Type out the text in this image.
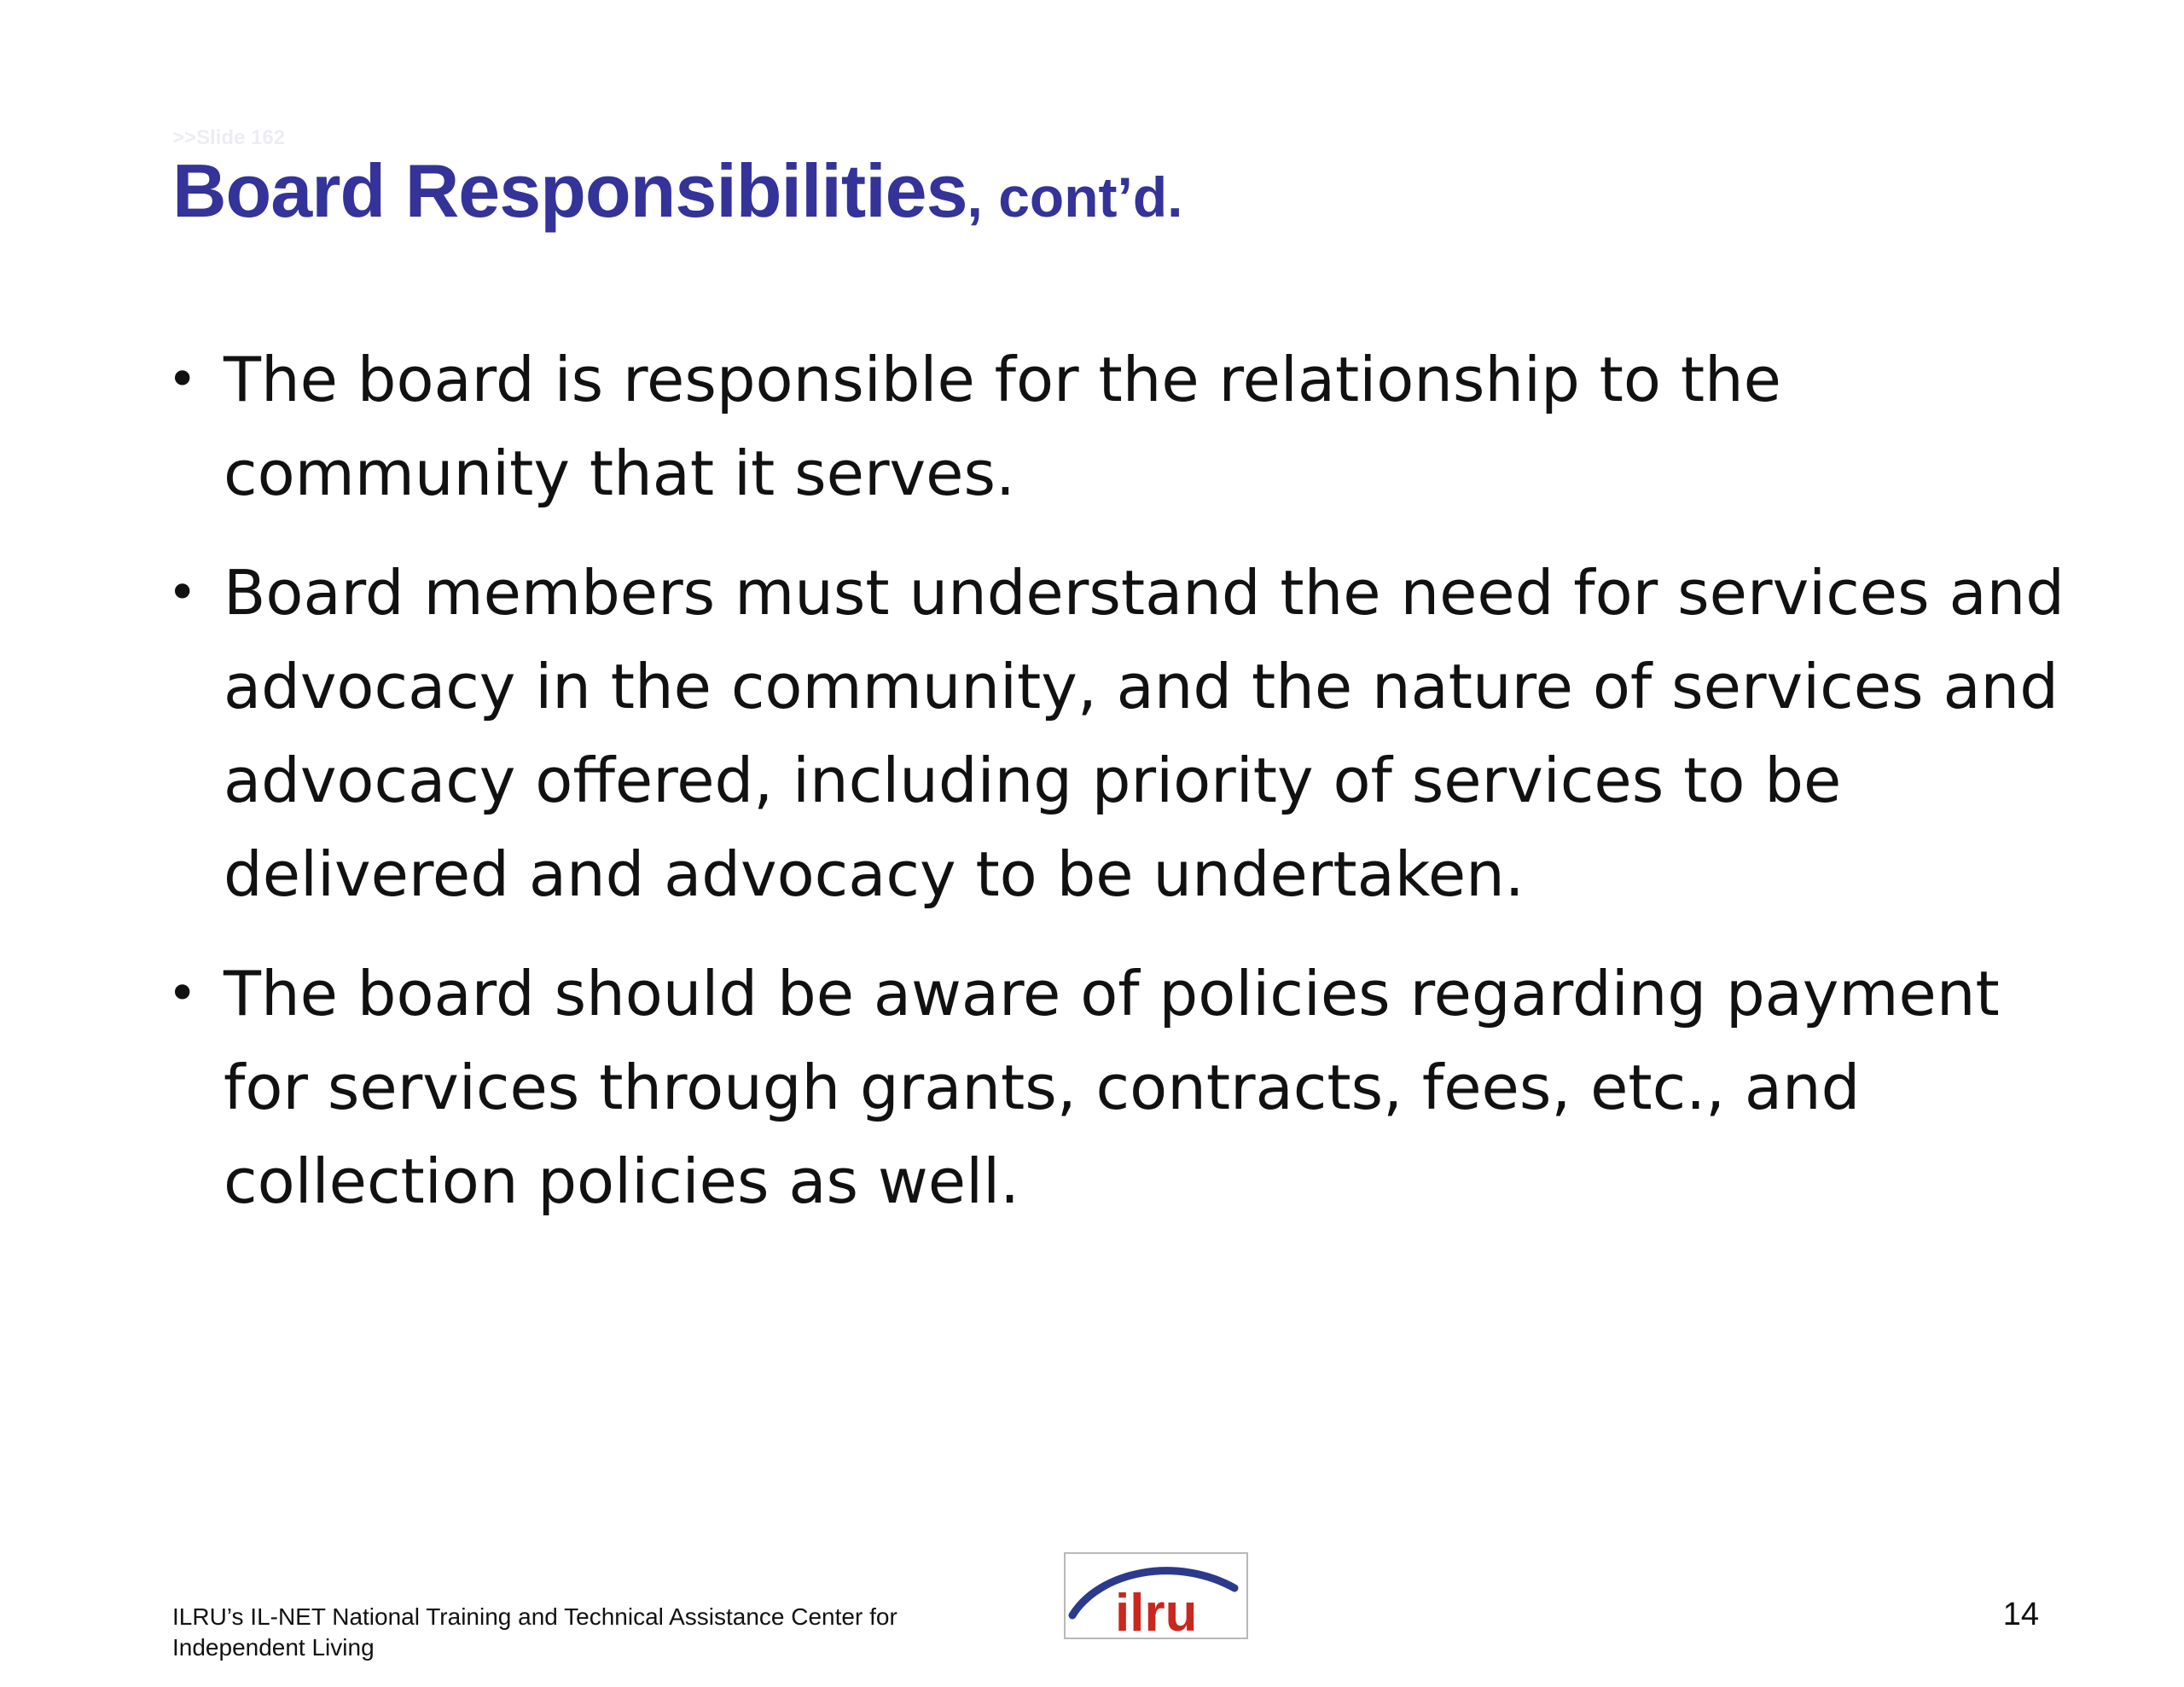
>>Slide 162
Board Responsibilities, cont’d.
• The board is responsible for the relationship to the community that it serves.
• Board members must understand the need for services and advocacy in the community, and the nature of services and advocacy offered, including priority of services to be delivered and advocacy to be undertaken.
• The board should be aware of policies regarding payment for services through grants, contracts, fees, etc., and collection policies as well.
ILRU’s IL-NET National Training and Technical Assistance Center for
Independent Living
ilru	14
